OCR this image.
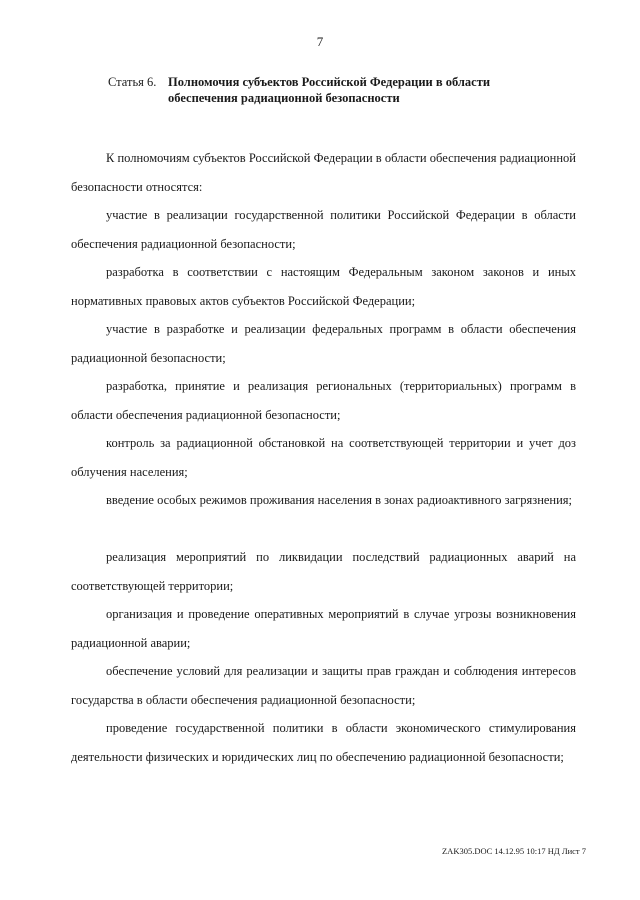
7
Статья 6. Полномочия субъектов Российской Федерации в области обеспечения радиационной безопасности

К полномочиям субъектов Российской Федерации в области обеспечения радиационной безопасности относятся:

участие в реализации государственной политики Российской Федерации в области обеспечения радиационной безопасности;

разработка в соответствии с настоящим Федеральным законом законов и иных нормативных правовых актов субъектов Российской Федерации;

участие в разработке и реализации федеральных программ в области обеспечения радиационной безопасности;

разработка, принятие и реализация региональных (территориальных) программ в области обеспечения радиационной безопасности;

контроль за радиационной обстановкой на соответствующей территории и учет доз облучения населения;

введение особых режимов проживания населения в зонах радиоактивного загрязнения;

реализация мероприятий по ликвидации последствий радиационных аварий на соответствующей территории;

организация и проведение оперативных мероприятий в случае угрозы возникновения радиационной аварии;

обеспечение условий для реализации и защиты прав граждан и соблюдения интересов государства в области обеспечения радиационной безопасности;

проведение государственной политики в области экономического стимулирования деятельности физических и юридических лиц по обеспечению радиационной безопасности;

ZAK305.DOC 14.12.95 10:17 НД Лист 7
